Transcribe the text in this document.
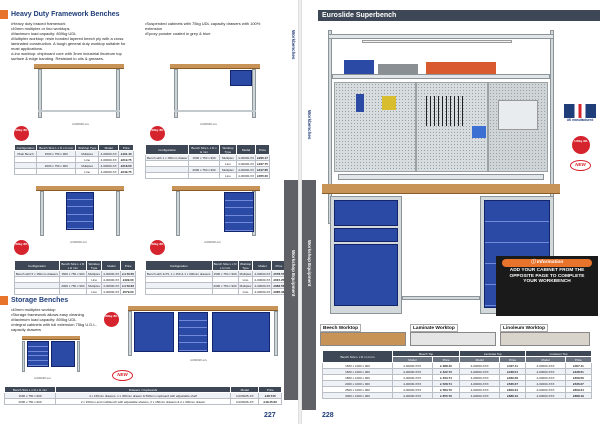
Heavy Duty Framework Benches
• Heavy duty braced framework
• 40mm multiplex or lino worktops
• Maximum load capacity: 800kg UDL
• Multiplex worktop: resin bonded layered beech ply with a cross laminated construction. A tough general duty worktop suitable for most applications.
• Lino worktop: chipboard core with 3mm industrial linoleum top surface & edge banding. Resistant to oils & greases.
• Suspended cabinets with 75kg UDL capacity drawers with 100% extension
• Epoxy powder coated in grey & blue
800kg UDL
4-000000-xxx
800kg UDL
4-000000-xxx
Configuration	Bench Size L x D x H mm	Worktop Type	Model	Price
Plain Bench	1500 x 750 x 900	Multiplex	4-00000-XX	£191.40
		Lino	4-00000-XX	£219.75
	2000 x 750 x 900	Multiplex	4-00000-XX	£218.60
		Lino	4-00000-XX	£249.75
Configuration	Bench Size L x D x H mm	Worktop Type	Model	Price
Bench with 1 x 150mm drawer	1500 x 750 x 900	Multiplex	4-00000-XX	£295.17
		Lino	4-00000-XX	£327.75
	2000 x 750 x 900	Multiplex	4-00000-XX	£317.65
		Lino	4-00000-XX	£355.00
800kg UDL
4-000000-xxx
800kg UDL
4-000000-xxx
Configuration	Bench Size L x D x H mm	Worktop Type	Model	Price
Bench with 5 x 150mm drawers	1500 x 750 x 900	Multiplex	4-00000-XX	£4.79.50
		Lino	4-00000-XX	£499.00
	2000 x 750 x 900	Multiplex	4-00000-XX	£4.79.63
		Lino	4-00000-XX	£579.00
Configuration	Bench Size L x D x H mm	Worktop Type	Model	Price
Bench with 4x75, 1 x 150 & 1 x 300mm drawers	1500 x 750 x 900	Multiplex	4-00000-XX	£578.57
		Lino	4-00000-XX	£615.25
	2000 x 750 x 900	Multiplex	4-00000-XX	£683.55
		Lino	4-00000-XX	£685.33
Storage Benches
• 40mm multiplex worktop
• Storage framework allows easy cleaning
• Maximum load capacity: 800kg UDL
• Integral cabinets with full extension 75kg U.D.L. capacity drawers
800kg UDL
4-000025-xxx
4-000026-xxx
NEW
Bench Size L x D x H mm	Drawers / Cupboards	Model	Price
1500 x 750 x 900	4 x 150mm drawers, 1 x 300mm drawer & 500mm cupboard with adjustable shelf	4-000025-XX	£48.745
2000 x 750 x 900	2 x 150mm and multibench with adjustable shelves, 2 x 150mm drawers & 2 x 300mm drawer	4-000026-XX	£49.45.60
Workbenches
Workshop Equipment
227
Workbenches
Workshop Equipment
Euroslide Superbench
UK manufactured
1200kg UDL
NEW
ⓘ Information
ADD YOUR CABINET FROM THE OPPOSITE PAGE TO COMPLETE YOUR WORKBENCH
Beech Worktop	Laminate Worktop	Linoleum Worktop
Bench Size L x D x H mm	Beech Top		Laminate Top		Linoleum Top	
	Model	Price	Model	Price	Model	Price
1500 x 1000 x 900	4-00000-XXX	£ 388.40	4-00000-XXX	£407.11	4-00000-XXX	£407.11
1500 x 1000 x 900	4-00000-XXX	£ 422.73	4-00000-XXX	£438.51	4-00000-XXX	£438.51
1800 x 1000 x 900	4-00000-XXX	£ 463.74	4-00000-XXX	£469.56	4-00000-XXX	£469.56
2000 x 1000 x 900	4-00000-XXX	£ 528.74	4-00000-XXX	£536.07	4-00000-XXX	£536.07
2500 x 1000 x 900	4-00000-XXX	£ 583.73	4-00000-XXX	£609.24	4-00000-XXX	£609.24
3000 x 1000 x 900	4-00000-XXX	£ 655.79	4-00000-XXX	£688.19	4-00000-XXX	£688.19
228
